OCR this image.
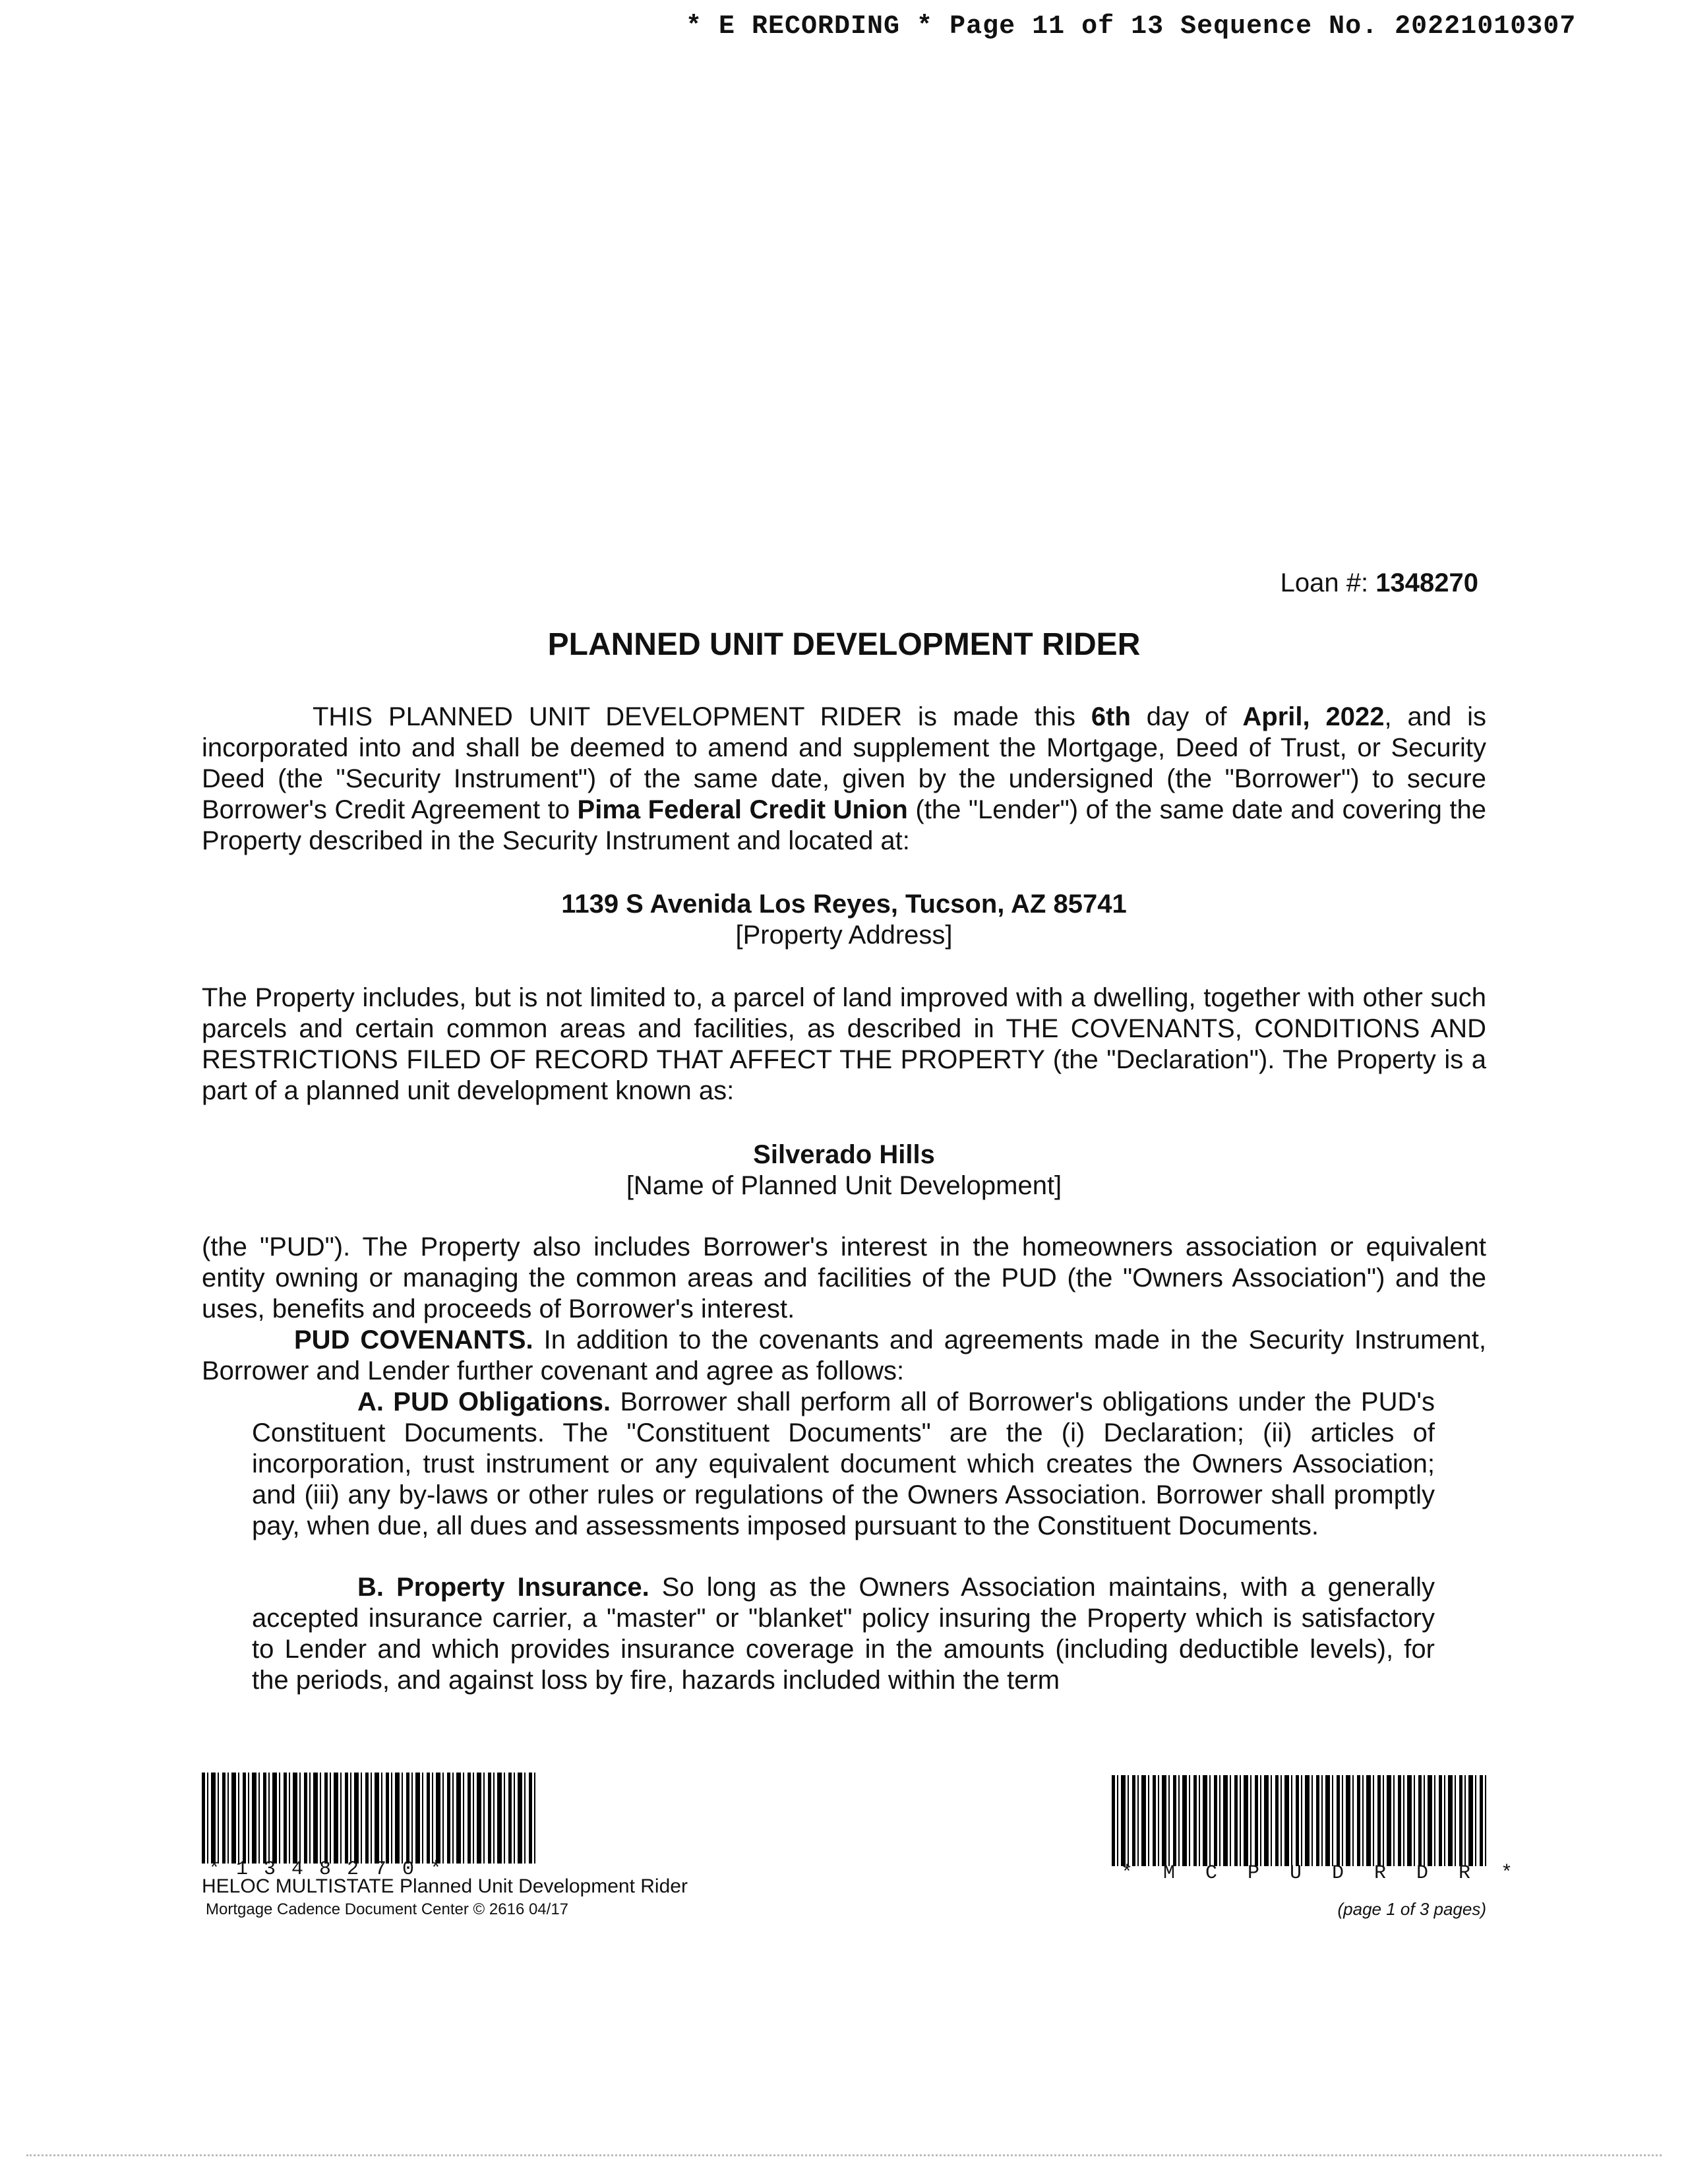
* E RECORDING * Page 11 of 13 Sequence No. 20221010307
Loan #: 1348270
PLANNED UNIT DEVELOPMENT RIDER
THIS PLANNED UNIT DEVELOPMENT RIDER is made this 6th day of April, 2022, and is incorporated into and shall be deemed to amend and supplement the Mortgage, Deed of Trust, or Security Deed (the "Security Instrument") of the same date, given by the undersigned (the "Borrower") to secure Borrower's Credit Agreement to Pima Federal Credit Union (the "Lender") of the same date and covering the Property described in the Security Instrument and located at:
1139 S Avenida Los Reyes, Tucson, AZ 85741
[Property Address]
The Property includes, but is not limited to, a parcel of land improved with a dwelling, together with other such parcels and certain common areas and facilities, as described in THE COVENANTS, CONDITIONS AND RESTRICTIONS FILED OF RECORD THAT AFFECT THE PROPERTY (the "Declaration"). The Property is a part of a planned unit development known as:
Silverado Hills
[Name of Planned Unit Development]
(the "PUD"). The Property also includes Borrower's interest in the homeowners association or equivalent entity owning or managing the common areas and facilities of the PUD (the "Owners Association") and the uses, benefits and proceeds of Borrower's interest.
PUD COVENANTS. In addition to the covenants and agreements made in the Security Instrument, Borrower and Lender further covenant and agree as follows:
A. PUD Obligations. Borrower shall perform all of Borrower's obligations under the PUD's Constituent Documents. The "Constituent Documents" are the (i) Declaration; (ii) articles of incorporation, trust instrument or any equivalent document which creates the Owners Association; and (iii) any by-laws or other rules or regulations of the Owners Association. Borrower shall promptly pay, when due, all dues and assessments imposed pursuant to the Constituent Documents.
B. Property Insurance. So long as the Owners Association maintains, with a generally accepted insurance carrier, a "master" or "blanket" policy insuring the Property which is satisfactory to Lender and which provides insurance coverage in the amounts (including deductible levels), for the periods, and against loss by fire, hazards included within the term
*1348270*
HELOC MULTISTATE Planned Unit Development Rider
Mortgage Cadence Document Center © 2616 04/17
*MCPUDRDR*
(page 1 of 3 pages)
